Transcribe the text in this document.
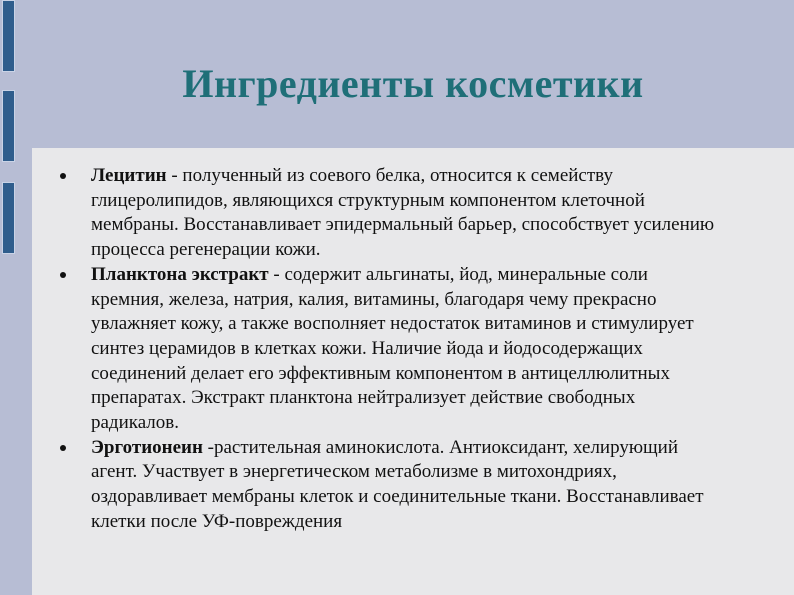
Ингредиенты косметики
Лецитин - полученный из соевого белка, относится к семейству глицеролипидов, являющихся структурным компонентом клеточной мембраны. Восстанавливает эпидермальный барьер, способствует усилению процесса регенерации кожи.
Планктона экстракт - содержит альгинаты, йод, минеральные соли кремния, железа, натрия, калия, витамины, благодаря чему прекрасно увлажняет кожу, а также восполняет недостаток витаминов и стимулирует синтез церамидов в клетках кожи. Наличие йода и йодосодержащих соединений делает его эффективным компонентом в антицеллюлитных препаратах. Экстракт планктона нейтрализует действие свободных радикалов.
Эрготионеин -растительная аминокислота. Антиоксидант, хелирующий агент. Участвует в энергетическом метаболизме в митохондриях, оздоравливает мембраны клеток и соединительные ткани. Восстанавливает клетки после УФ-повреждения
